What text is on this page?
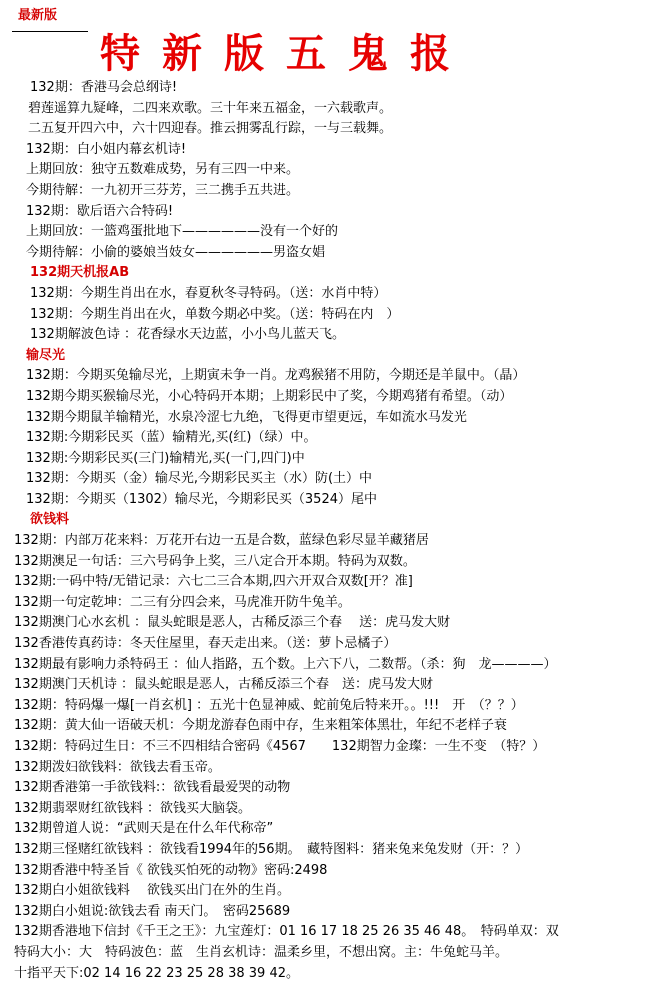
最新版
特新版五鬼报
132期：香港马会总纲诗!
碧莲遥算九疑峰，二四来欢歌。三十年来五福金，一六载歌声。
二五复开四六中，六十四迎春。推云拥雾乱行踪，一与三载舞。
132期：白小姐内幕玄机诗!
上期回放：独守五数难成势，另有三四一中来。
今期待解：一九初开三芬芳，三二携手五共进。
132期：歇后语六合特码!
上期回放：一篮鸡蛋批地下——————没有一个好的
今期待解：小偷的婆娘当妓女——————男盗女娼
132期天机报AB
132期：今期生肖出在水，春夏秋冬寻特码。（送：水肖中特）
132期：今期生肖出在火，单数今期必中奖。（送：特码在内　）
132期解波色诗 ：花香绿水天边蓝，小小鸟儿蓝天飞。
输尽光
132期：今期买兔输尽光，上期寅未争一肖。龙鸡猴猪不用防，今期还是羊鼠中。（晶）
132期今期买猴输尽光，小心特码开本期；上期彩民中了奖，今期鸡猪有希望。（动）
132期今期鼠羊输精光，水泉冷涩七九绝，飞得更市望更远，车如流水马发光
132期:今期彩民买（蓝）输精光,买(红)（绿）中。
132期:今期彩民买(三门)输精光,买(一门,四门)中
132期：今期买（金）输尽光,今期彩民买主（水）防(土）中
132期：今期买（1302）输尽光，今期彩民买（3524）尾中
欲钱料
132期：内部万花来料：万花开右边一五是合数，蓝绿色彩尽显羊藏猪居
132期澳足一句话：三六号码争上奖，三八定合开本期。特码为双数。
132期:一码中特/无错记录：六七二三合本期,四六开双合双数[开？准]
132期一句定乾坤：二三有分四会来，马虎准开防牛兔羊。
132期澳门心水玄机 ：鼠头蛇眼是恶人，古稀反添三个春　 送：虎马发大财
132香港传真药诗：冬天住屋里，春天走出来。（送：萝卜忌橘子）
132期最有影响力杀特码王 ：仙人指路，五个数。上六下八，二数帮。（杀：狗　龙————）
132期澳门天机诗 ：鼠头蛇眼是恶人，古稀反添三个春　送：虎马发大财
132期：特码爆一爆[一肖玄机] ：五光十色显神威、蛇前兔后特来开。。!!!　开　（？？）
132期：黄大仙一语破天机：今期龙游春色雨中存，生来粗笨体黑壮，年纪不老样子衰
132期：特码过生日：不三不四相结合密码《4567　　132期智力金璨：一生不变　（特？）
132期泼妇欲钱料：欲钱去看玉帝。
132期香港第一手欲钱料:：欲钱看最爱哭的动物
132期翡翠财红欲钱料 ：欲钱买大脑袋。
132期曾道人说：“武则天是在什么年代称帝”
132期三怪赌红欲钱料 ：欲钱看1994年的56期。　藏特图料：猪来兔来兔发财（开：？）
132期香港中特圣旨《 欲钱买怕死的动物》密码:2498
132期白小姐欲钱料　 欲钱买出门在外的生肖。
132期白小姐说:欲钱去看 南天门。　密码25689
132期香港地下信封《千王之王》：九宝莲灯：01 16 17 18 25 26 35 46 48。　特码单双：双
特码大小：大　特码波色：蓝　生肖玄机诗：温柔乡里，不想出窝。主：牛兔蛇马羊。
十指平天下:02 14 16 22 23 25 28 38 39 42。
